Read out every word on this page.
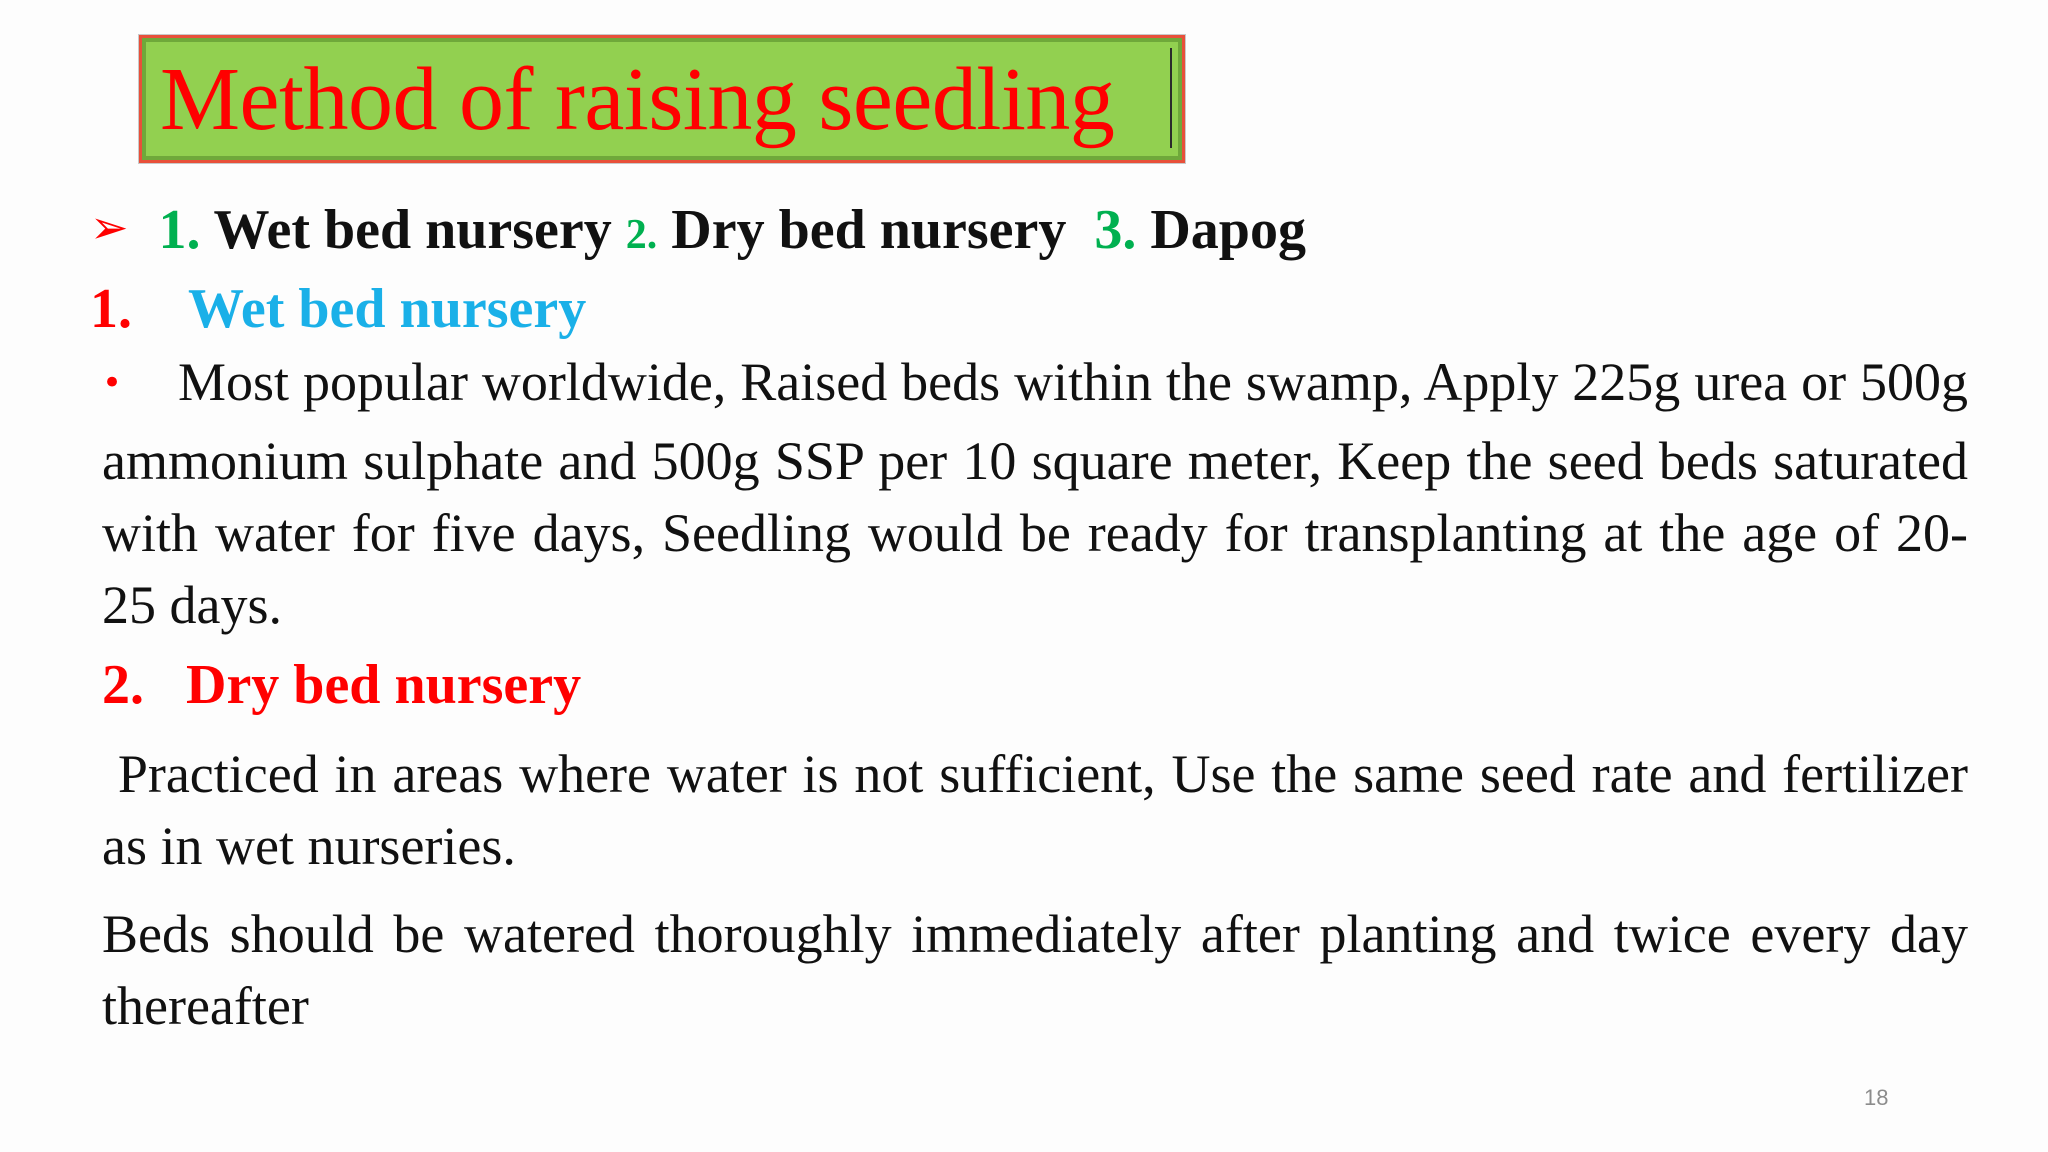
Method of raising seedling
➢ 1. Wet bed nursery 2. Dry bed nursery 3. Dapog
1. Wet bed nursery
• Most popular worldwide, Raised beds within the swamp, Apply 225g urea or 500g ammonium sulphate and 500g SSP per 10 square meter, Keep the seed beds saturated with water for five days, Seedling would be ready for transplanting at the age of 20-25 days.
2. Dry bed nursery
Practiced in areas where water is not sufficient, Use the same seed rate and fertilizer as in wet nurseries.
Beds should be watered thoroughly immediately after planting and twice every day thereafter
18
